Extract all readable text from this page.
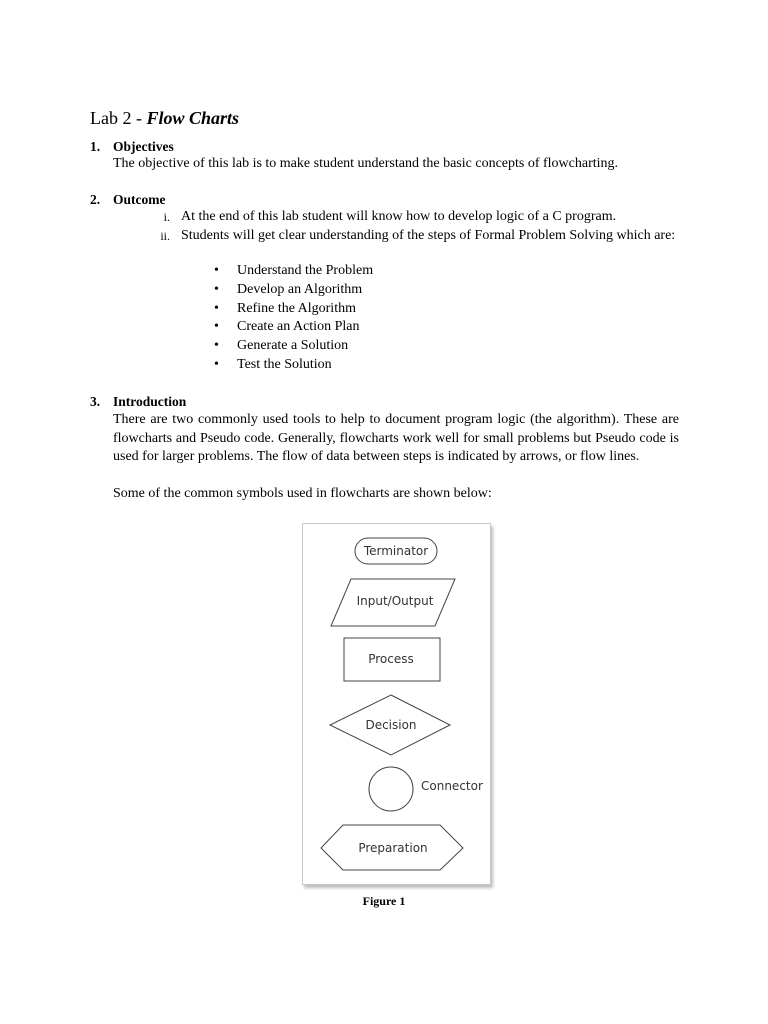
Lab 2 - Flow Charts
1. Objectives
The objective of this lab is to make student understand the basic concepts of flowcharting.
2. Outcome
i. At the end of this lab student will know how to develop logic of a C program.
ii. Students will get clear understanding of the steps of Formal Problem Solving which are:
• Understand the Problem
• Develop an Algorithm
• Refine the Algorithm
• Create an Action Plan
• Generate a Solution
• Test the Solution
3. Introduction
There are two commonly used tools to help to document program logic (the algorithm). These are flowcharts and Pseudo code. Generally, flowcharts work well for small problems but Pseudo code is used for larger problems. The flow of data between steps is indicated by arrows, or flow lines.
Some of the common symbols used in flowcharts are shown below:
Terminator
Input/Output
Process
Decision
Connector
Preparation
Figure 1
